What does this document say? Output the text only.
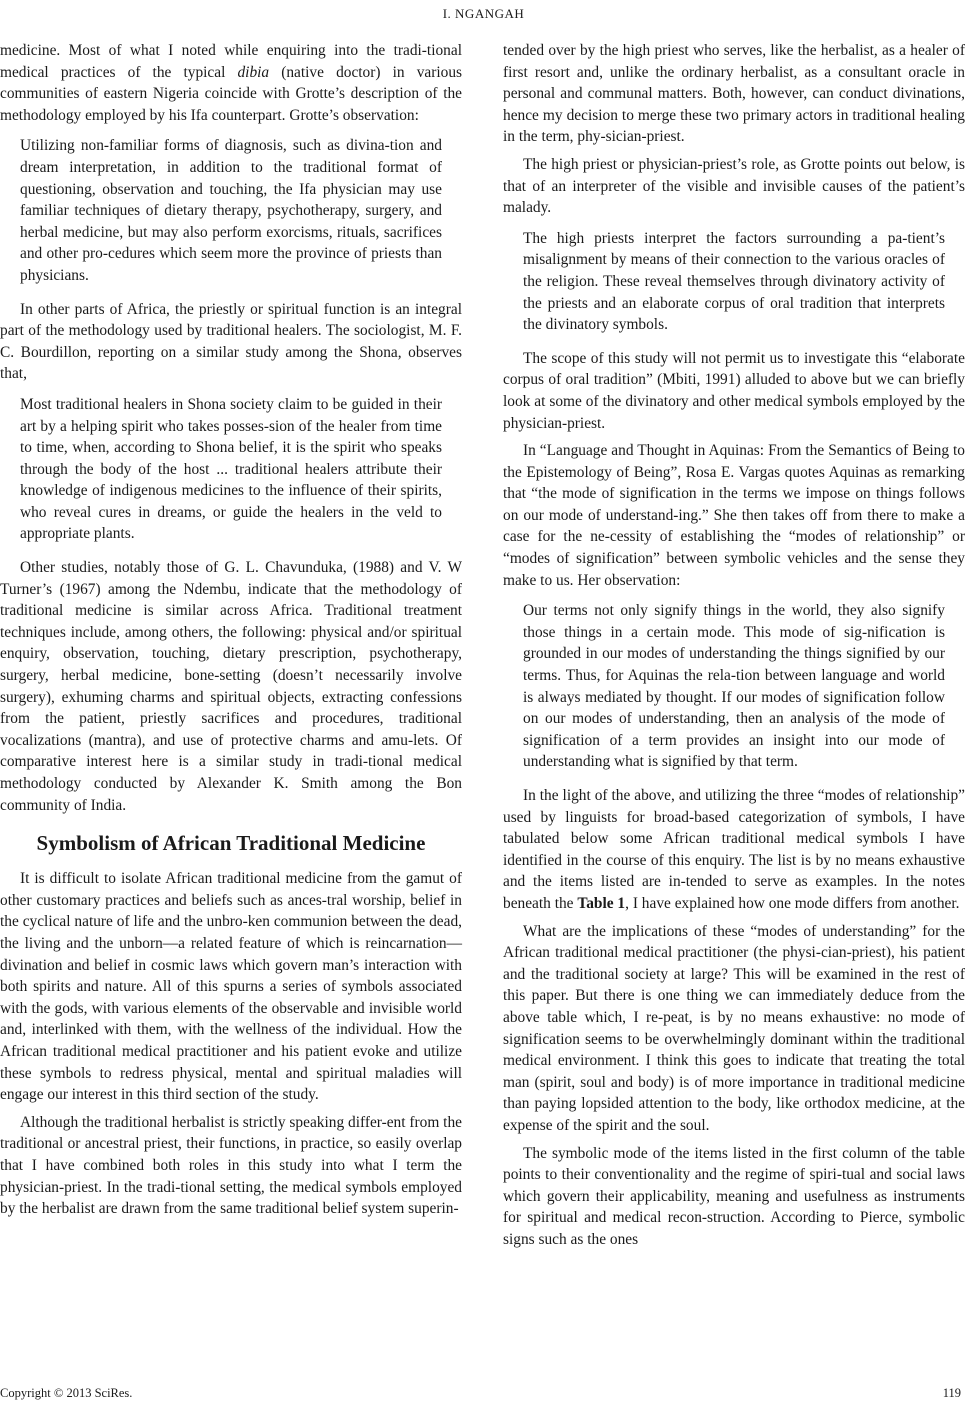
I. NGANGAH

medicine. Most of what I noted while enquiring into the tradi-tional medical practices of the typical dibia (native doctor) in various communities of eastern Nigeria coincide with Grotte’s description of the methodology employed by his Ifa counterpart. Grotte’s observation:

Utilizing non-familiar forms of diagnosis, such as divina-tion and dream interpretation, in addition to the traditional format of questioning, observation and touching, the Ifa physician may use familiar techniques of dietary therapy, psychotherapy, surgery, and herbal medicine, but may also perform exorcisms, rituals, sacrifices and other pro-cedures which seem more the province of priests than physicians.

In other parts of Africa, the priestly or spiritual function is an integral part of the methodology used by traditional healers. The sociologist, M. F. C. Bourdillon, reporting on a similar study among the Shona, observes that,

Most traditional healers in Shona society claim to be guided in their art by a helping spirit who takes posses-sion of the healer from time to time, when, according to Shona belief, it is the spirit who speaks through the body of the host ... traditional healers attribute their knowledge of indigenous medicines to the influence of their spirits, who reveal cures in dreams, or guide the healers in the veld to appropriate plants.

Other studies, notably those of G. L. Chavunduka, (1988) and V. W Turner’s (1967) among the Ndembu, indicate that the methodology of traditional medicine is similar across Africa. Traditional treatment techniques include, among others, the following: physical and/or spiritual enquiry, observation, touching, dietary prescription, psychotherapy, surgery, herbal medicine, bone-setting (doesn’t necessarily involve surgery), exhuming charms and spiritual objects, extracting confessions from the patient, priestly sacrifices and procedures, traditional vocalizations (mantra), and use of protective charms and amu-lets. Of comparative interest here is a similar study in tradi-tional medical methodology conducted by Alexander K. Smith among the Bon community of India.

Symbolism of African Traditional Medicine

It is difficult to isolate African traditional medicine from the gamut of other customary practices and beliefs such as ances-tral worship, belief in the cyclical nature of life and the unbro-ken communion between the dead, the living and the unborn—a related feature of which is reincarnation—divination and belief in cosmic laws which govern man’s interaction with both spirits and nature. All of this spurns a series of symbols associated with the gods, with various elements of the observable and invisible world and, interlinked with them, with the wellness of the individual. How the African traditional medical practitioner and his patient evoke and utilize these symbols to redress physical, mental and spiritual maladies will engage our interest in this third section of the study.

Although the traditional herbalist is strictly speaking differ-ent from the traditional or ancestral priest, their functions, in practice, so easily overlap that I have combined both roles in this study into what I term the physician-priest. In the tradi-tional setting, the medical symbols employed by the herbalist are drawn from the same traditional belief system superin-

tended over by the high priest who serves, like the herbalist, as a healer of first resort and, unlike the ordinary herbalist, as a consultant oracle in personal and communal matters. Both, however, can conduct divinations, hence my decision to merge these two primary actors in traditional healing in the term, phy-sician-priest.

The high priest or physician-priest’s role, as Grotte points out below, is that of an interpreter of the visible and invisible causes of the patient’s malady.

The high priests interpret the factors surrounding a pa-tient’s misalignment by means of their connection to the various oracles of the religion. These reveal themselves through divinatory activity of the priests and an elaborate corpus of oral tradition that interprets the divinatory symbols.

The scope of this study will not permit us to investigate this “elaborate corpus of oral tradition” (Mbiti, 1991) alluded to above but we can briefly look at some of the divinatory and other medical symbols employed by the physician-priest.

In “Language and Thought in Aquinas: From the Semantics of Being to the Epistemology of Being”, Rosa E. Vargas quotes Aquinas as remarking that “the mode of signification in the terms we impose on things follows on our mode of understand-ing.” She then takes off from there to make a case for the ne-cessity of establishing the “modes of relationship” or “modes of signification” between symbolic vehicles and the sense they make to us. Her observation:

Our terms not only signify things in the world, they also signify those things in a certain mode. This mode of sig-nification is grounded in our modes of understanding the things signified by our terms. Thus, for Aquinas the rela-tion between language and world is always mediated by thought. If our modes of signification follow on our modes of understanding, then an analysis of the mode of signification of a term provides an insight into our mode of understanding what is signified by that term.

In the light of the above, and utilizing the three “modes of relationship” used by linguists for broad-based categorization of symbols, I have tabulated below some African traditional medical symbols I have identified in the course of this enquiry. The list is by no means exhaustive and the items listed are in-tended to serve as examples. In the notes beneath the Table 1, I have explained how one mode differs from another.

What are the implications of these “modes of understanding” for the African traditional medical practitioner (the physi-cian-priest), his patient and the traditional society at large? This will be examined in the rest of this paper. But there is one thing we can immediately deduce from the above table which, I re-peat, is by no means exhaustive: no mode of signification seems to be overwhelmingly dominant within the traditional medical environment. I think this goes to indicate that treating the total man (spirit, soul and body) is of more importance in traditional medicine than paying lopsided attention to the body, like orthodox medicine, at the expense of the spirit and the soul.

The symbolic mode of the items listed in the first column of the table points to their conventionality and the regime of spiri-tual and social laws which govern their applicability, meaning and usefulness as instruments for spiritual and medical recon-struction. According to Pierce, symbolic signs such as the ones

Copyright © 2013 SciRes.	119
